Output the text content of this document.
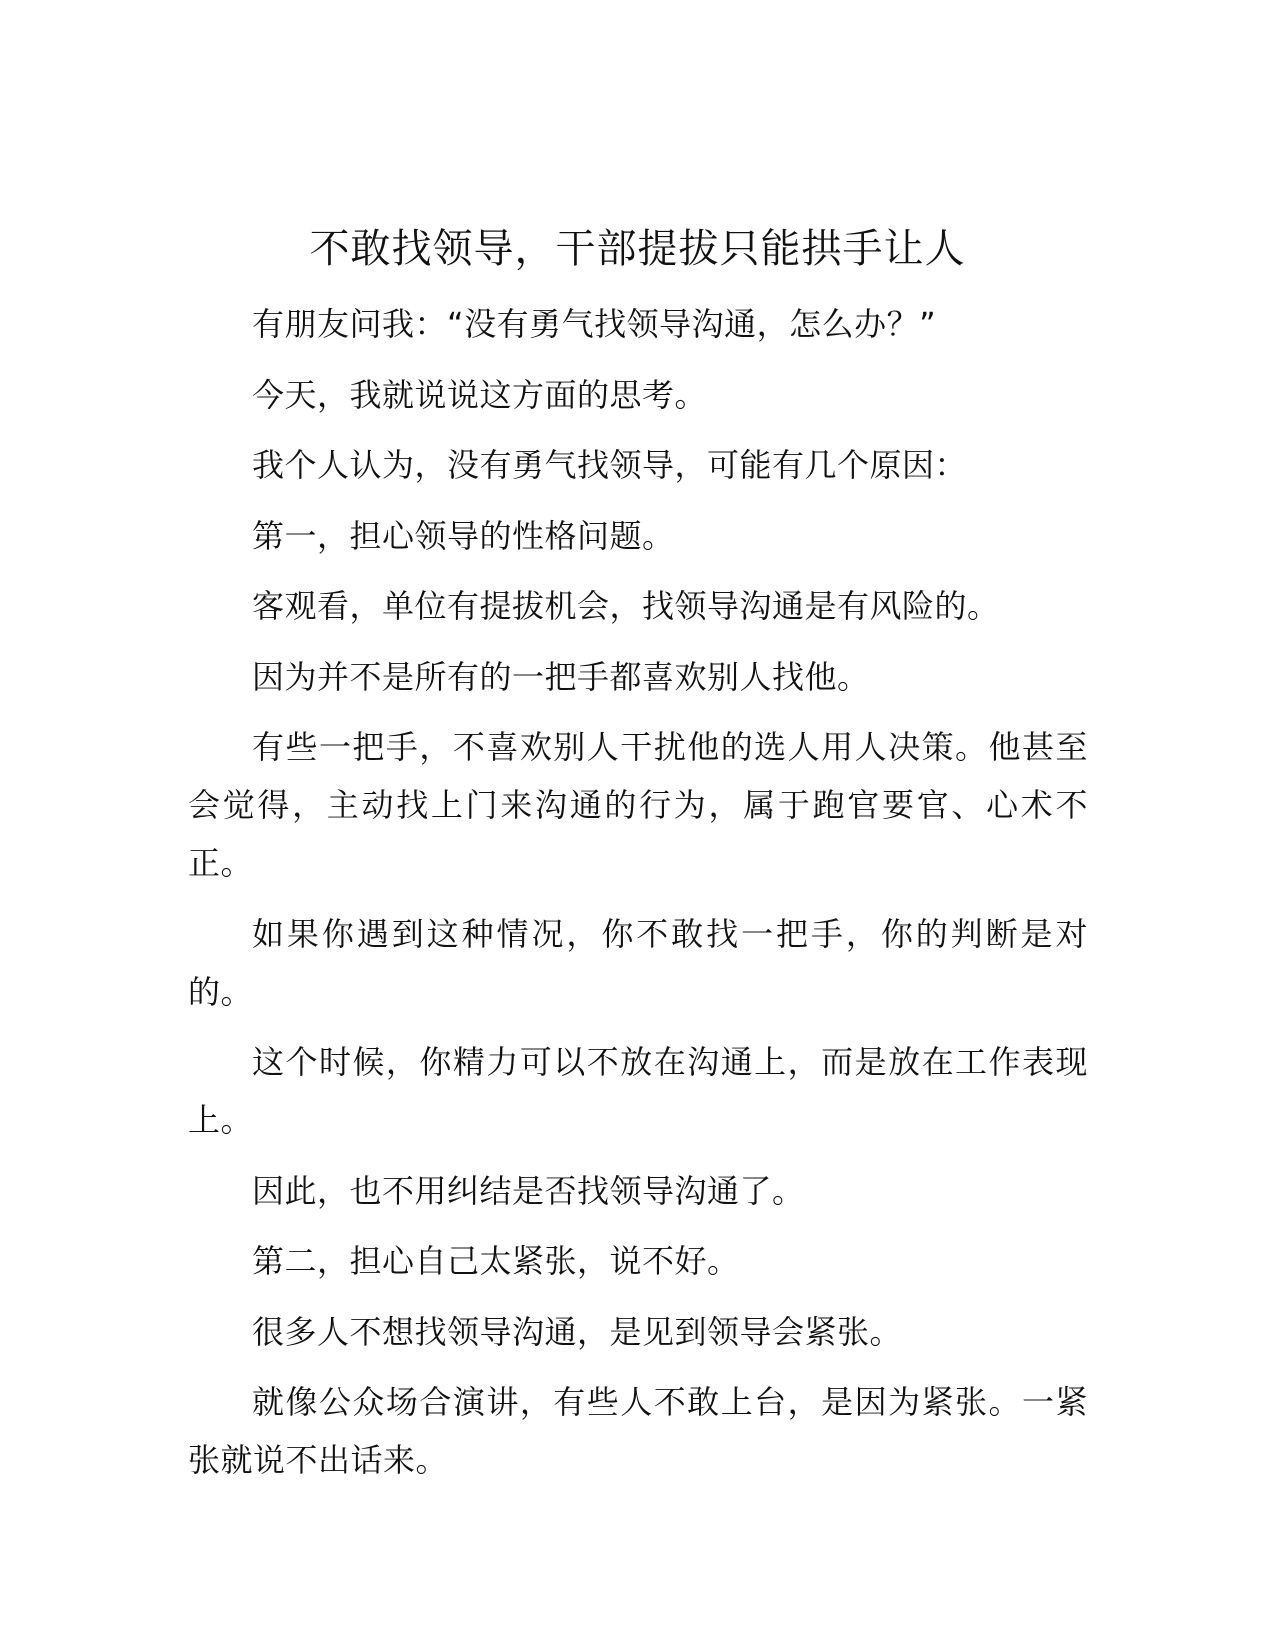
不敢找领导，干部提拔只能拱手让人

有朋友问我：“没有勇气找领导沟通，怎么办？”

今天，我就说说这方面的思考。

我个人认为，没有勇气找领导，可能有几个原因：

第一，担心领导的性格问题。

客观看，单位有提拔机会，找领导沟通是有风险的。

因为并不是所有的一把手都喜欢别人找他。

有些一把手，不喜欢别人干扰他的选人用人决策。他甚至会觉得，主动找上门来沟通的行为，属于跑官要官、心术不正。

如果你遇到这种情况，你不敢找一把手，你的判断是对的。

这个时候，你精力可以不放在沟通上，而是放在工作表现上。

因此，也不用纠结是否找领导沟通了。

第二，担心自己太紧张，说不好。

很多人不想找领导沟通，是见到领导会紧张。

就像公众场合演讲，有些人不敢上台，是因为紧张。一紧张就说不出话来。
